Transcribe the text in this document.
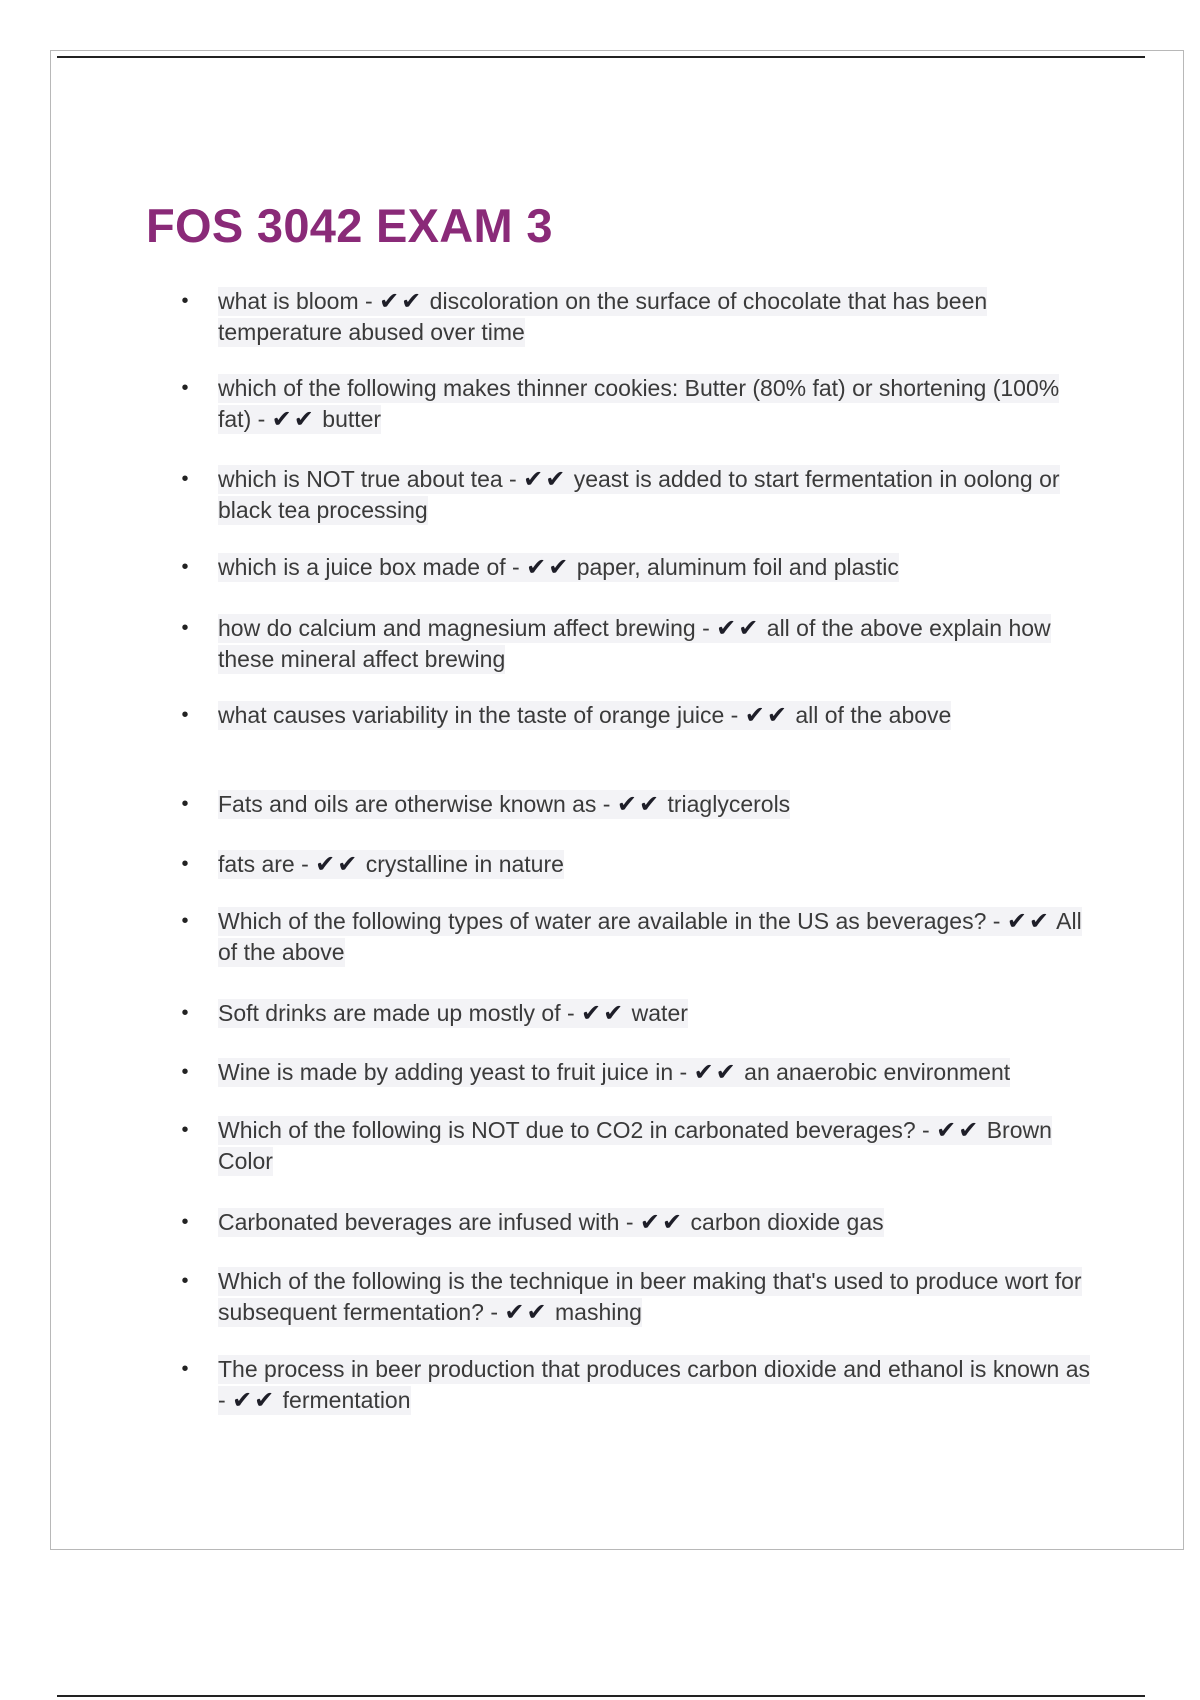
FOS 3042 EXAM 3
• what is bloom - ✔✔ discoloration on the surface of chocolate that has been temperature abused over time
• which of the following makes thinner cookies: Butter (80% fat) or shortening (100% fat) - ✔✔ butter
• which is NOT true about tea - ✔✔ yeast is added to start fermentation in oolong or black tea processing
• which is a juice box made of - ✔✔ paper, aluminum foil and plastic
• how do calcium and magnesium affect brewing - ✔✔ all of the above explain how these mineral affect brewing
• what causes variability in the taste of orange juice - ✔✔ all of the above
• Fats and oils are otherwise known as - ✔✔ triaglycerols
• fats are - ✔✔ crystalline in nature
• Which of the following types of water are available in the US as beverages? - ✔✔ All of the above
• Soft drinks are made up mostly of - ✔✔ water
• Wine is made by adding yeast to fruit juice in - ✔✔ an anaerobic environment
• Which of the following is NOT due to CO2 in carbonated beverages? - ✔✔ Brown Color
• Carbonated beverages are infused with - ✔✔ carbon dioxide gas
• Which of the following is the technique in beer making that's used to produce wort for subsequent fermentation? - ✔✔ mashing
• The process in beer production that produces carbon dioxide and ethanol is known as - ✔✔ fermentation
